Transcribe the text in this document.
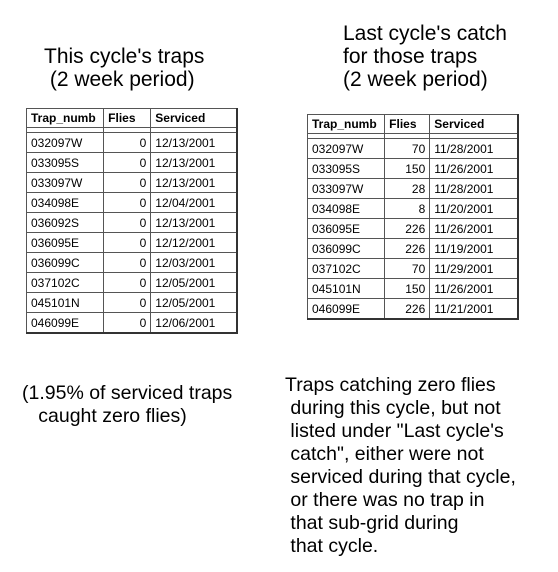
This cycle's traps
(2 week period)
Last cycle's catch
for those traps
(2 week period)
Trap_numb	Flies	Serviced

032097W	0	12/13/2001
033095S	0	12/13/2001
033097W	0	12/13/2001
034098E	0	12/04/2001
036092S	0	12/13/2001
036095E	0	12/12/2001
036099C	0	12/03/2001
037102C	0	12/05/2001
045101N	0	12/05/2001
046099E	0	12/06/2001
Trap_numb	Flies	Serviced

032097W	70	11/28/2001
033095S	150	11/26/2001
033097W	28	11/28/2001
034098E	8	11/20/2001
036095E	226	11/26/2001
036099C	226	11/19/2001
037102C	70	11/29/2001
045101N	150	11/26/2001
046099E	226	11/21/2001
(1.95% of serviced traps
caught zero flies)
Traps catching zero flies
during this cycle, but not
listed under "Last cycle's
catch", either were not
serviced during that cycle,
or there was no trap in
that sub-grid during
that cycle.
